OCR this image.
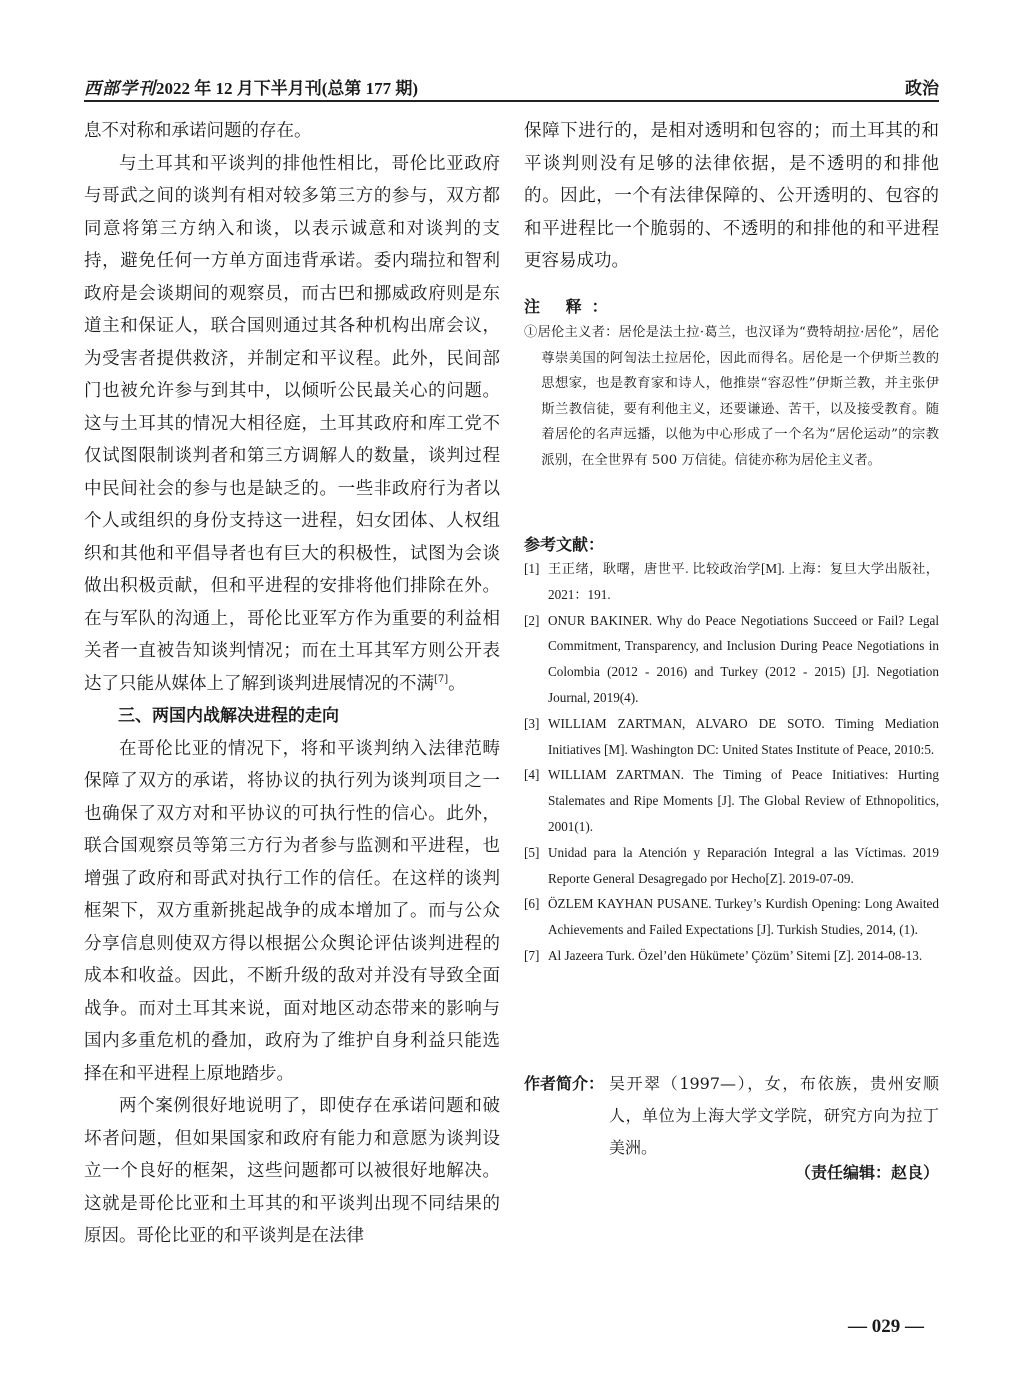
西部学刊2022 年 12 月下半月刊(总第 177 期)	政治

息不对称和承诺问题的存在。

与土耳其和平谈判的排他性相比，哥伦比亚政府与哥武之间的谈判有相对较多第三方的参与，双方都同意将第三方纳入和谈，以表示诚意和对谈判的支持，避免任何一方单方面违背承诺。委内瑞拉和智利政府是会谈期间的观察员，而古巴和挪威政府则是东道主和保证人，联合国则通过其各种机构出席会议，为受害者提供救济，并制定和平议程。此外，民间部门也被允许参与到其中，以倾听公民最关心的问题。这与土耳其的情况大相径庭，土耳其政府和库工党不仅试图限制谈判者和第三方调解人的数量，谈判过程中民间社会的参与也是缺乏的。一些非政府行为者以个人或组织的身份支持这一进程，妇女团体、人权组织和其他和平倡导者也有巨大的积极性，试图为会谈做出积极贡献，但和平进程的安排将他们排除在外。在与军队的沟通上，哥伦比亚军方作为重要的利益相关者一直被告知谈判情况；而在土耳其军方则公开表达了只能从媒体上了解到谈判进展情况的不满[7]。

三、两国内战解决进程的走向

在哥伦比亚的情况下，将和平谈判纳入法律范畴保障了双方的承诺，将协议的执行列为谈判项目之一也确保了双方对和平协议的可执行性的信心。此外，联合国观察员等第三方行为者参与监测和平进程，也增强了政府和哥武对执行工作的信任。在这样的谈判框架下，双方重新挑起战争的成本增加了。而与公众分享信息则使双方得以根据公众舆论评估谈判进程的成本和收益。因此，不断升级的敌对并没有导致全面战争。而对土耳其来说，面对地区动态带来的影响与国内多重危机的叠加，政府为了维护自身利益只能选择在和平进程上原地踏步。

两个案例很好地说明了，即使存在承诺问题和破坏者问题，但如果国家和政府有能力和意愿为谈判设立一个良好的框架，这些问题都可以被很好地解决。这就是哥伦比亚和土耳其的和平谈判出现不同结果的原因。哥伦比亚的和平谈判是在法律

保障下进行的，是相对透明和包容的；而土耳其的和平谈判则没有足够的法律依据，是不透明的和排他的。因此，一个有法律保障的、公开透明的、包容的和平进程比一个脆弱的、不透明的和排他的和平进程更容易成功。

注 释：

①居伦主义者：居伦是法土拉·葛兰，也汉译为“费特胡拉·居伦”，居伦尊崇美国的阿訇法土拉居伦，因此而得名。居伦是一个伊斯兰教的思想家，也是教育家和诗人，他推崇“容忍性”伊斯兰教，并主张伊斯兰教信徒，要有利他主义，还要谦逊、苦干，以及接受教育。随着居伦的名声远播，以他为中心形成了一个名为“居伦运动”的宗教派别，在全世界有 500 万信徒。信徒亦称为居伦主义者。

参考文献：
[1] 王正绪，耿曙，唐世平. 比较政治学[M]. 上海：复旦大学出版社，2021：191.
[2] ONUR BAKINER. Why do Peace Negotiations Succeed or Fail? Legal Commitment, Transparency, and Inclusion During Peace Negotiations in Colombia (2012 - 2016) and Turkey (2012 - 2015) [J]. Negotiation Journal, 2019(4).
[3] WILLIAM ZARTMAN, ALVARO DE SOTO. Timing Mediation Initiatives [M]. Washington DC: United States Institute of Peace, 2010:5.
[4] WILLIAM ZARTMAN. The Timing of Peace Initiatives: Hurting Stalemates and Ripe Moments [J]. The Global Review of Ethnopolitics, 2001(1).
[5] Unidad para la Atención y Reparación Integral a las Víctimas. 2019 Reporte General Desagregado por Hecho[Z]. 2019-07-09.
[6] ÖZLEM KAYHAN PUSANE. Turkey’s Kurdish Opening: Long Awaited Achievements and Failed Expectations [J]. Turkish Studies, 2014, (1).
[7] Al Jazeera Turk. Özel’den Hükümete’ Çözüm’ Sitemi [Z]. 2014-08-13.
作者简介： 吴开翠（1997—），女，布依族，贵州安顺人，单位为上海大学文学院，研究方向为拉丁美洲。
（责任编辑：赵良）
— 029 —
